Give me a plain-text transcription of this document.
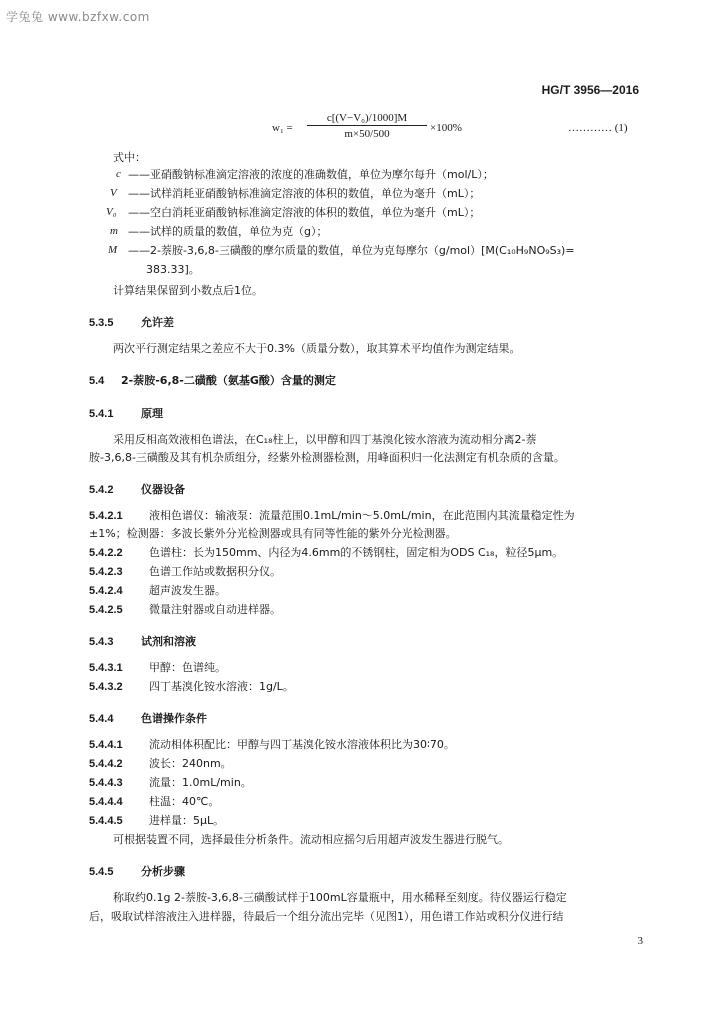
学兔兔 www.bzfxw.com
HG/T 3956—2016
$w_1 = \frac{\text{c[(V−V₀)/1000]M}}{m\times 50/500} \times 100\%$	………… (1)
式中：
c ——亚硝酸钠标准滴定溶液的浓度的准确数值，单位为摩尔每升（mol/L）；
V ——试样消耗亚硝酸钠标准滴定溶液的体积的数值，单位为毫升（mL）；
V₀ ——空白消耗亚硝酸钠标准滴定溶液的体积的数值，单位为毫升（mL）；
m ——试样的质量的数值，单位为克（g）；
M ——2-萘胺-3,6,8-三磺酸的摩尔质量的数值，单位为克每摩尔（g/mol）[M(C₁₀H₉NO₉S₃)=
383.33]。
计算结果保留到小数点后1位。
5.3.5	允许差
两次平行测定结果之差应不大于0.3%（质量分数），取其算术平均值作为测定结果。
5.4 2-萘胺-6,8-二磺酸（氨基G酸）含量的测定
5.4.1	原理
采用反相高效液相色谱法，在C₁₈柱上，以甲醇和四丁基溴化铵水溶液为流动相分离2-萘
胺-3,6,8-三磺酸及其有机杂质组分，经紫外检测器检测，用峰面积归一化法测定有机杂质的含量。
5.4.2	仪器设备
5.4.2.1 液相色谱仪：输液泵：流量范围0.1mL/min～5.0mL/min，在此范围内其流量稳定性为
±1%；检测器：多波长紫外分光检测器或具有同等性能的紫外分光检测器。
5.4.2.2 色谱柱：长为150mm、内径为4.6mm的不锈钢柱，固定相为ODS C₁₈，粒径5μm。
5.4.2.3 色谱工作站或数据积分仪。
5.4.2.4 超声波发生器。
5.4.2.5 微量注射器或自动进样器。
5.4.3	试剂和溶液
5.4.3.1 甲醇：色谱纯。
5.4.3.2 四丁基溴化铵水溶液：1g/L。
5.4.4	色谱操作条件
5.4.4.1 流动相体积配比：甲醇与四丁基溴化铵水溶液体积比为30∶70。
5.4.4.2 波长：240nm。
5.4.4.3 流量：1.0mL/min。
5.4.4.4 柱温：40℃。
5.4.4.5 进样量：5μL。
可根据装置不同，选择最佳分析条件。流动相应摇匀后用超声波发生器进行脱气。
5.4.5	分析步骤
称取约0.1g 2-萘胺-3,6,8-三磺酸试样于100mL容量瓶中，用水稀释至刻度。待仪器运行稳定
后，吸取试样溶液注入进样器，待最后一个组分流出完毕（见图1），用色谱工作站或积分仪进行结
3
